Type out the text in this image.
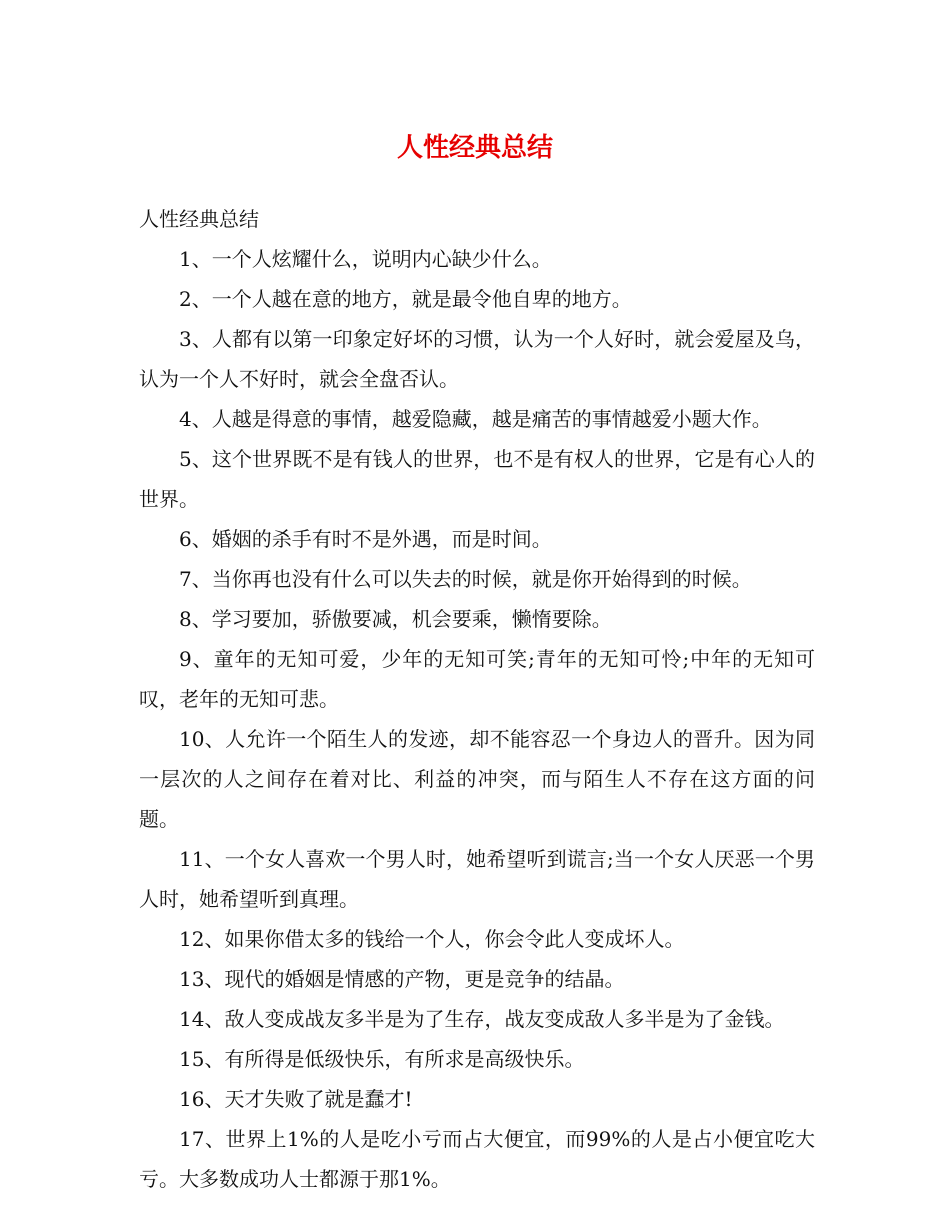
人性经典总结

人性经典总结

1、一个人炫耀什么，说明内心缺少什么。

2、一个人越在意的地方，就是最令他自卑的地方。

3、人都有以第一印象定好坏的习惯，认为一个人好时，就会爱屋及乌，认为一个人不好时，就会全盘否认。

4、人越是得意的事情，越爱隐藏，越是痛苦的事情越爱小题大作。

5、这个世界既不是有钱人的世界，也不是有权人的世界，它是有心人的世界。

6、婚姻的杀手有时不是外遇，而是时间。

7、当你再也没有什么可以失去的时候，就是你开始得到的时候。

8、学习要加，骄傲要减，机会要乘，懒惰要除。

9、童年的无知可爱，少年的无知可笑;青年的无知可怜;中年的无知可叹，老年的无知可悲。

10、人允许一个陌生人的发迹，却不能容忍一个身边人的晋升。因为同一层次的人之间存在着对比、利益的冲突，而与陌生人不存在这方面的问题。

11、一个女人喜欢一个男人时，她希望听到谎言;当一个女人厌恶一个男人时，她希望听到真理。

12、如果你借太多的钱给一个人，你会令此人变成坏人。

13、现代的婚姻是情感的产物，更是竞争的结晶。

14、敌人变成战友多半是为了生存，战友变成敌人多半是为了金钱。

15、有所得是低级快乐，有所求是高级快乐。

16、天才失败了就是蠢才!

17、世界上1%的人是吃小亏而占大便宜，而99%的人是占小便宜吃大亏。大多数成功人士都源于那1%。
